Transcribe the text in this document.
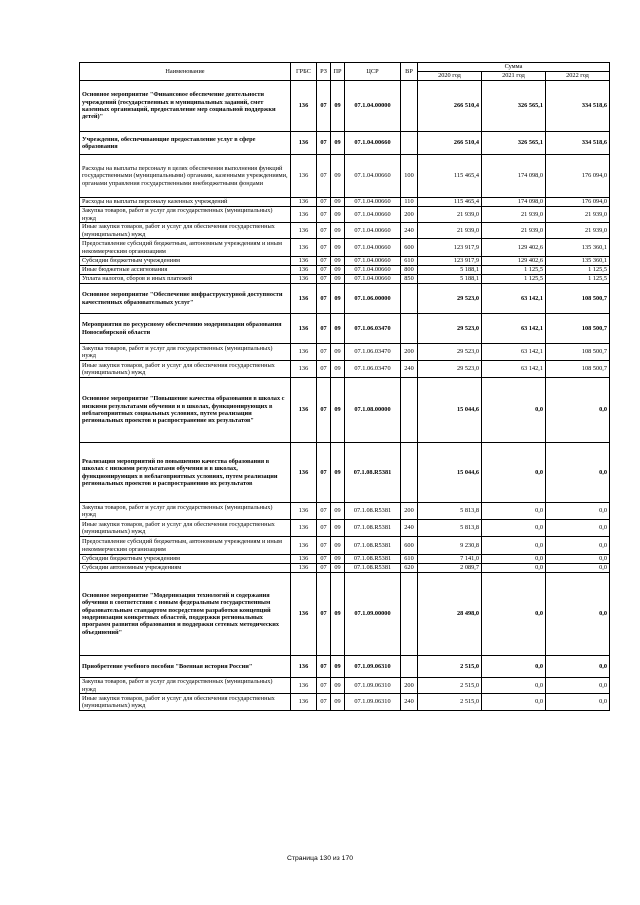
Наименование	ГРБС	РЗ	ПР	ЦСР	ВР	Сумма		
						2020 год	2021 год	2022 год
Основное мероприятие "Финансовое обеспечение деятельности учреждений (государственных и муниципальных заданий, смет казенных организаций, предоставление мер социальной поддержки детей)"	136	07	09	07.1.04.00000		266 510,4	326 565,1	334 518,6
Учреждения, обеспечивающие предоставление услуг в сфере образования	136	07	09	07.1.04.00660		266 510,4	326 565,1	334 518,6
Расходы на выплаты персоналу в целях обеспечения выполнения функций государственными (муниципальными) органами, казенными учреждениями, органами управления государственными внебюджетными фондами	136	07	09	07.1.04.00660	100	115 465,4	174 098,0	176 094,0
Расходы на выплаты персоналу казенных учреждений	136	07	09	07.1.04.00660	110	115 465,4	174 098,0	176 094,0
Закупка товаров, работ и услуг для государственных (муниципальных) нужд	136	07	09	07.1.04.00660	200	21 939,0	21 939,0	21 939,0
Иные закупки товаров, работ и услуг для обеспечения государственных (муниципальных) нужд	136	07	09	07.1.04.00660	240	21 939,0	21 939,0	21 939,0
Предоставление субсидий бюджетным, автономным учреждениям и иным некоммерческим организациям	136	07	09	07.1.04.00660	600	123 917,9	129 402,6	135 360,1
Субсидии бюджетным учреждениям	136	07	09	07.1.04.00660	610	123 917,9	129 402,6	135 360,1
Иные бюджетные ассигнования	136	07	09	07.1.04.00660	800	5 188,1	1 125,5	1 125,5
Уплата налогов, сборов и иных платежей	136	07	09	07.1.04.00660	850	5 188,1	1 125,5	1 125,5
Основное мероприятие "Обеспечение инфраструктурной доступности качественных образовательных услуг"	136	07	09	07.1.06.00000		29 523,0	63 142,1	108 500,7
Мероприятия по ресурсному обеспечению модернизации образования Новосибирской области	136	07	09	07.1.06.03470		29 523,0	63 142,1	108 500,7
Закупка товаров, работ и услуг для государственных (муниципальных) нужд	136	07	09	07.1.06.03470	200	29 523,0	63 142,1	108 500,7
Иные закупки товаров, работ и услуг для обеспечения государственных (муниципальных) нужд	136	07	09	07.1.06.03470	240	29 523,0	63 142,1	108 500,7
Основное мероприятие "Повышение качества образования в школах с низкими результатами обучения и в школах, функционирующих в неблагоприятных социальных условиях, путем реализации региональных проектов и распространение их результатов"	136	07	09	07.1.08.00000		15 044,6	0,0	0,0
Реализация мероприятий по повышению качества образования в школах с низкими результатами обучения и в школах, функционирующих в неблагоприятных условиях, путем реализации региональных проектов и распространению их результатов	136	07	09	07.1.08.R5381		15 044,6	0,0	0,0
Закупка товаров, работ и услуг для государственных (муниципальных) нужд	136	07	09	07.1.08.R5381	200	5 813,8	0,0	0,0
Иные закупки товаров, работ и услуг для обеспечения государственных (муниципальных) нужд	136	07	09	07.1.08.R5381	240	5 813,8	0,0	0,0
Предоставление субсидий бюджетным, автономным учреждениям и иным некоммерческим организациям	136	07	09	07.1.08.R5381	600	9 230,8	0,0	0,0
Субсидии бюджетным учреждениям	136	07	09	07.1.08.R5381	610	7 141,0	0,0	0,0
Субсидии автономным учреждениям	136	07	09	07.1.08.R5381	620	2 089,7	0,0	0,0
Основное мероприятие "Модернизация технологий и содержания обучения в соответствии с новым федеральным государственным образовательным стандартом посредством разработки концепций модернизации конкретных областей, поддержки региональных программ развития образования и поддержки сетевых методических объединений"	136	07	09	07.1.09.00000		28 498,0	0,0	0,0
Приобретение учебного пособия "Военная история России"	136	07	09	07.1.09.06310		2 515,0	0,0	0,0
Закупка товаров, работ и услуг для государственных (муниципальных) нужд	136	07	09	07.1.09.06310	200	2 515,0	0,0	0,0
Иные закупки товаров, работ и услуг для обеспечения государственных (муниципальных) нужд	136	07	09	07.1.09.06310	240	2 515,0	0,0	0,0
Страница 130 из 170
